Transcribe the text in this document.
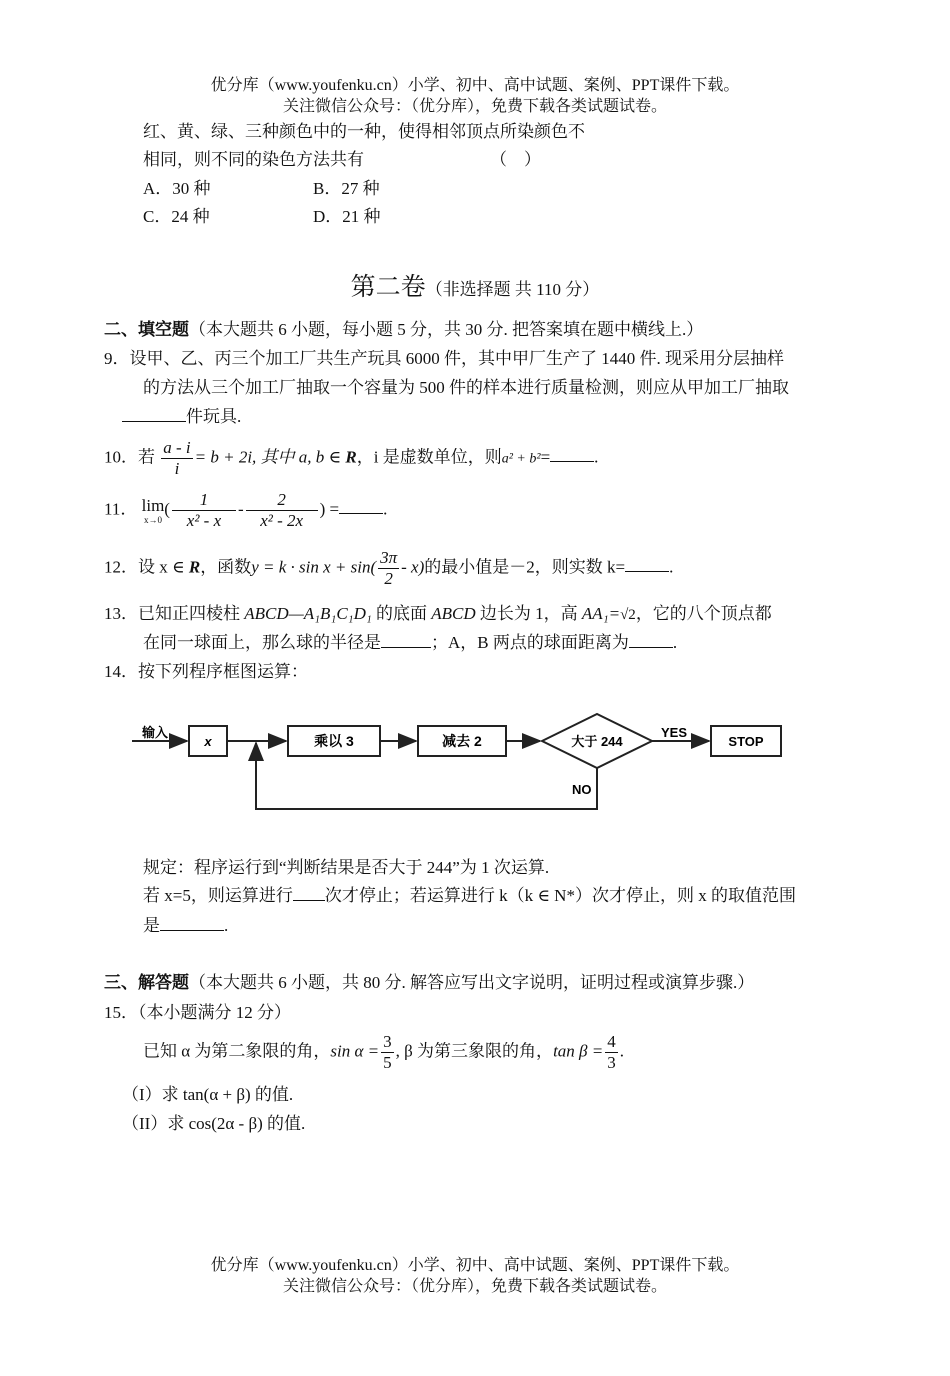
优分库（www.youfenku.cn）小学、初中、高中试题、案例、PPT课件下载。
关注微信公众号：（优分库），免费下载各类试题试卷。
红、黄、绿、三种颜色中的一种，使得相邻顶点所染颜色不
相同，则不同的染色方法共有	（　）
A．30 种	B．27 种
C．24 种	D．21 种
第二卷（非选择题 共 110 分）
二、填空题（本大题共 6 小题，每小题 5 分，共 30 分. 把答案填在题中横线上.）
9．设甲、乙、丙三个加工厂共生产玩具 6000 件，其中甲厂生产了 1440 件. 现采用分层抽样
的方法从三个加工厂抽取一个容量为 500 件的样本进行质量检测，则应从甲加工厂抽取
件玩具.
10．若 $\frac{a - i}{i} = b + 2i$, 其中 a, b ∈ R，i 是虚数单位，则a² + b²=	.
11． lim
x→0
( $\frac{1}{\text{x² - x}} - \frac{2}{\text{x² - 2x}}$ ) =	.
12．设 x ∈ R，函数$y = k \cdot \sin x + \sin( \frac{3\pi}{2} - x)$的最小值是－2，则实数 k=	.
13．已知正四棱柱 ABCD—A₁B₁C₁D₁ 的底面 ABCD 边长为 1，高 AA₁=√2，它的八个顶点都
在同一球面上，那么球的半径是	；A，B 两点的球面距离为	.
14．按下列程序框图运算：
输入
x	乘以 3	减去 2	大于 244
YES
STOP
NO
规定：程序运行到“判断结果是否大于 244”为 1 次运算.
若 x=5，则运算进行 次才停止；若运算进行 k（k ∈ N*）次才停止，则 x 的取值范围
是	.
三、解答题（本大题共 6 小题，共 80 分. 解答应写出文字说明，证明过程或演算步骤.）
15．（本小题满分 12 分）
已知 α 为第二象限的角，$\sin \alpha = \frac{3}{5}$ , β 为第三象限的角，$\tan \beta = \frac{4}{3}$ .
（I）求 tan(α + β) 的值.
（II）求 cos(2α - β) 的值.
优分库（www.youfenku.cn）小学、初中、高中试题、案例、PPT课件下载。
关注微信公众号：（优分库），免费下载各类试题试卷。
